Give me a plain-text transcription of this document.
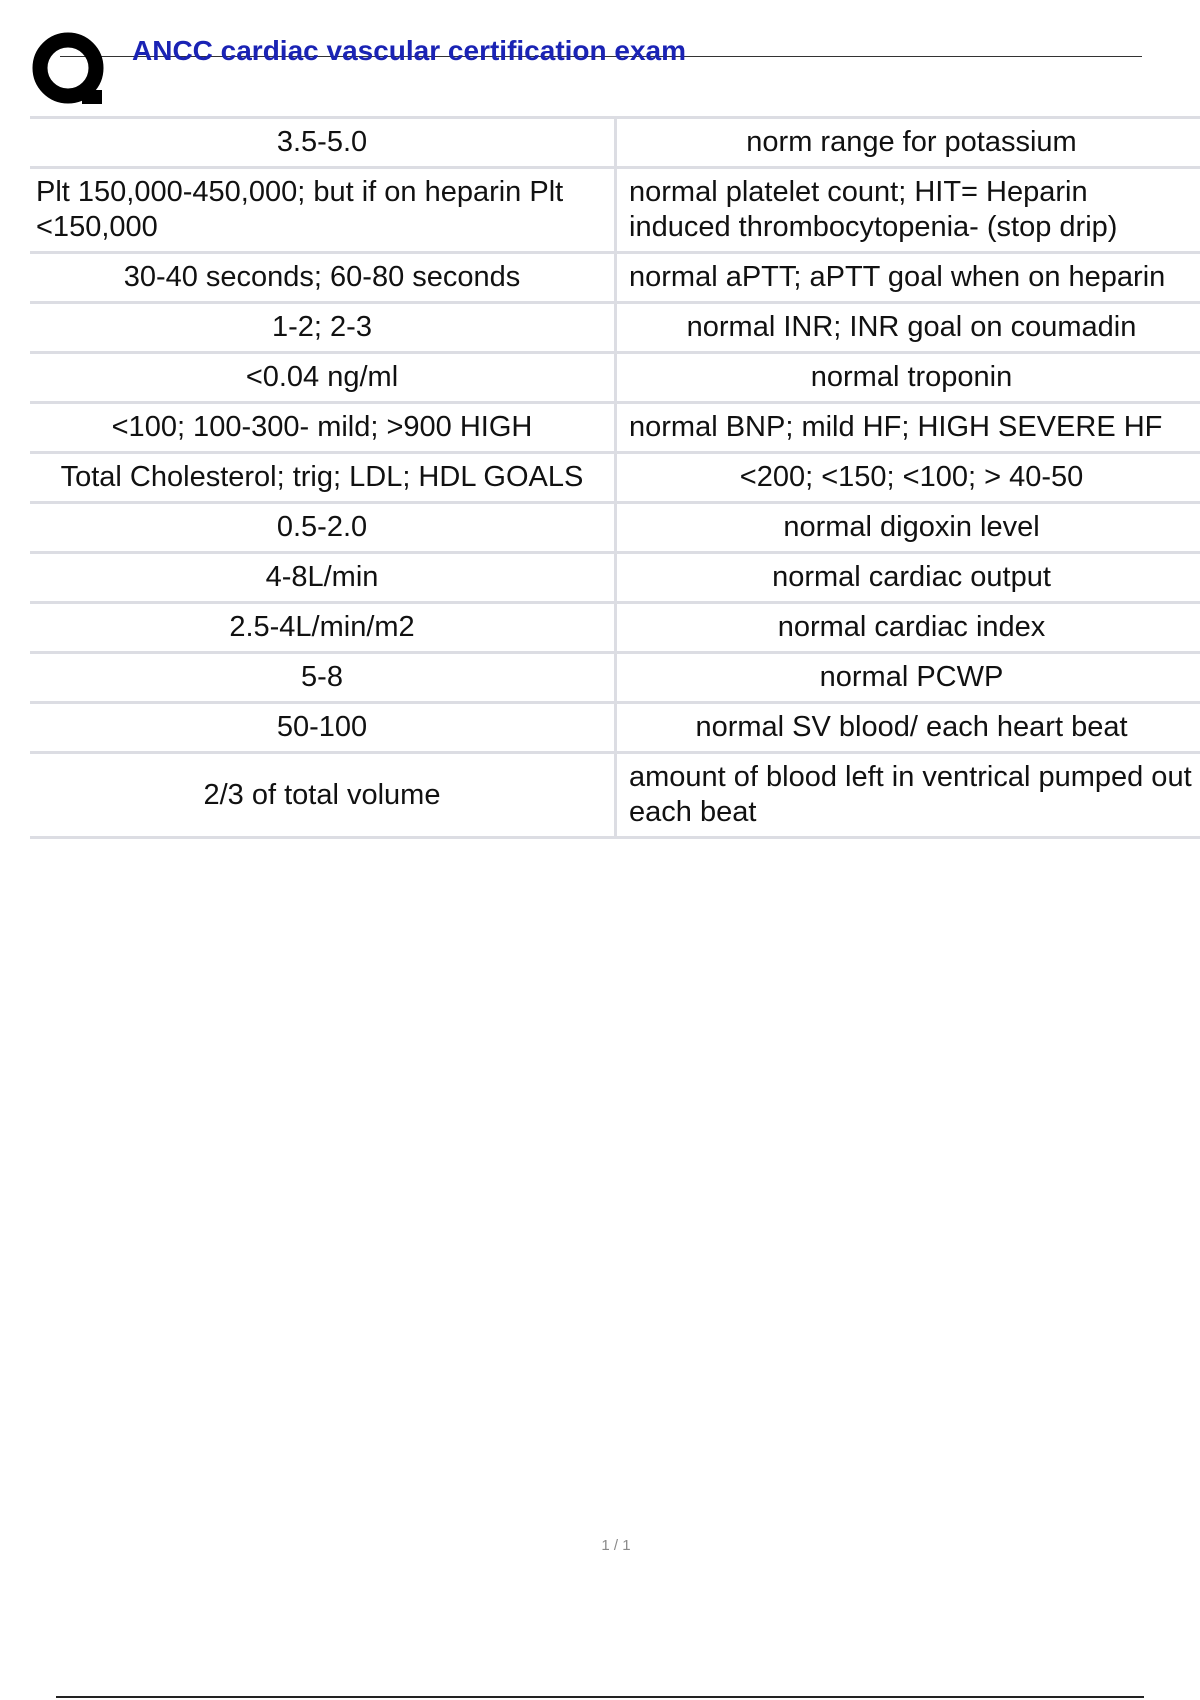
ANCC cardiac vascular certification exam
3.5-5.0	norm range for potassium
Plt 150,000-450,000; but if on heparin Plt <150,000	normal platelet count; HIT= Heparin induced thrombocytopenia- (stop drip)
30-40 seconds; 60-80 seconds	normal aPTT; aPTT goal when on heparin
1-2; 2-3	normal INR; INR goal on coumadin
<0.04 ng/ml	normal troponin
<100; 100-300- mild; >900 HIGH	normal BNP; mild HF; HIGH SEVERE HF
Total Cholesterol; trig; LDL; HDL GOALS	<200; <150; <100; > 40-50
0.5-2.0	normal digoxin level
4-8L/min	normal cardiac output
2.5-4L/min/m2	normal cardiac index
5-8	normal PCWP
50-100	normal SV blood/ each heart beat
2/3 of total volume	amount of blood left in ventrical pumped out each beat
1 / 1
